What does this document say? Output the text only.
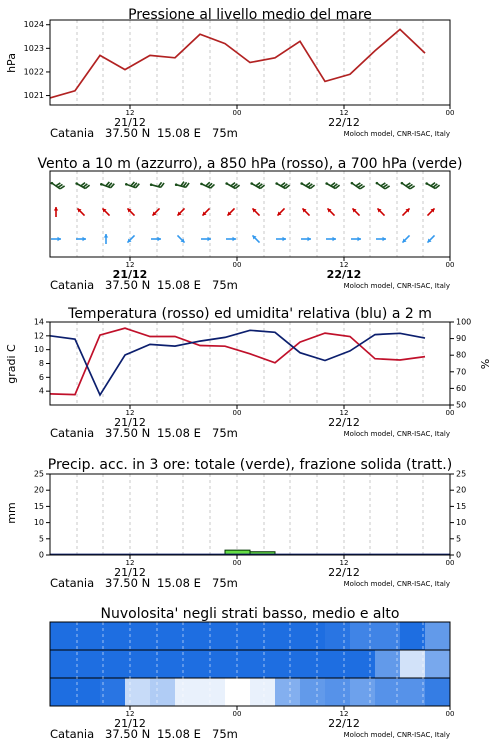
Pressione al livello medio del mare
hPa
1024
1023
1022
1021
12	00	12	00
21/12	22/12
Catania 37.50 N 15.08 E 75m	Moloch model, CNR-ISAC, Italy
Vento a 10 m (azzurro), a 850 hPa (rosso), a 700 hPa (verde)
12	00	12	00
21/12	22/12
Catania 37.50 N 15.08 E 75m	Moloch model, CNR-ISAC, Italy
Temperatura (rosso) ed umidita' relativa (blu) a 2 m
gradi C	%
14
12
10
8
6
4
100
90
80
70
60
50
12	00	12	00
21/12	22/12
Catania 37.50 N 15.08 E 75m	Moloch model, CNR-ISAC, Italy
Precip. acc. in 3 ore: totale (verde), frazione solida (tratt.)
mm
25	25
20	20
15	15
10	10
5	5
0	0
12	00	12	00
21/12	22/12
Catania 37.50 N 15.08 E 75m	Moloch model, CNR-ISAC, Italy
Nuvolosita' negli strati basso, medio e alto
12	00	12	00
21/12	22/12
Catania 37.50 N 15.08 E 75m	Moloch model, CNR-ISAC, Italy
